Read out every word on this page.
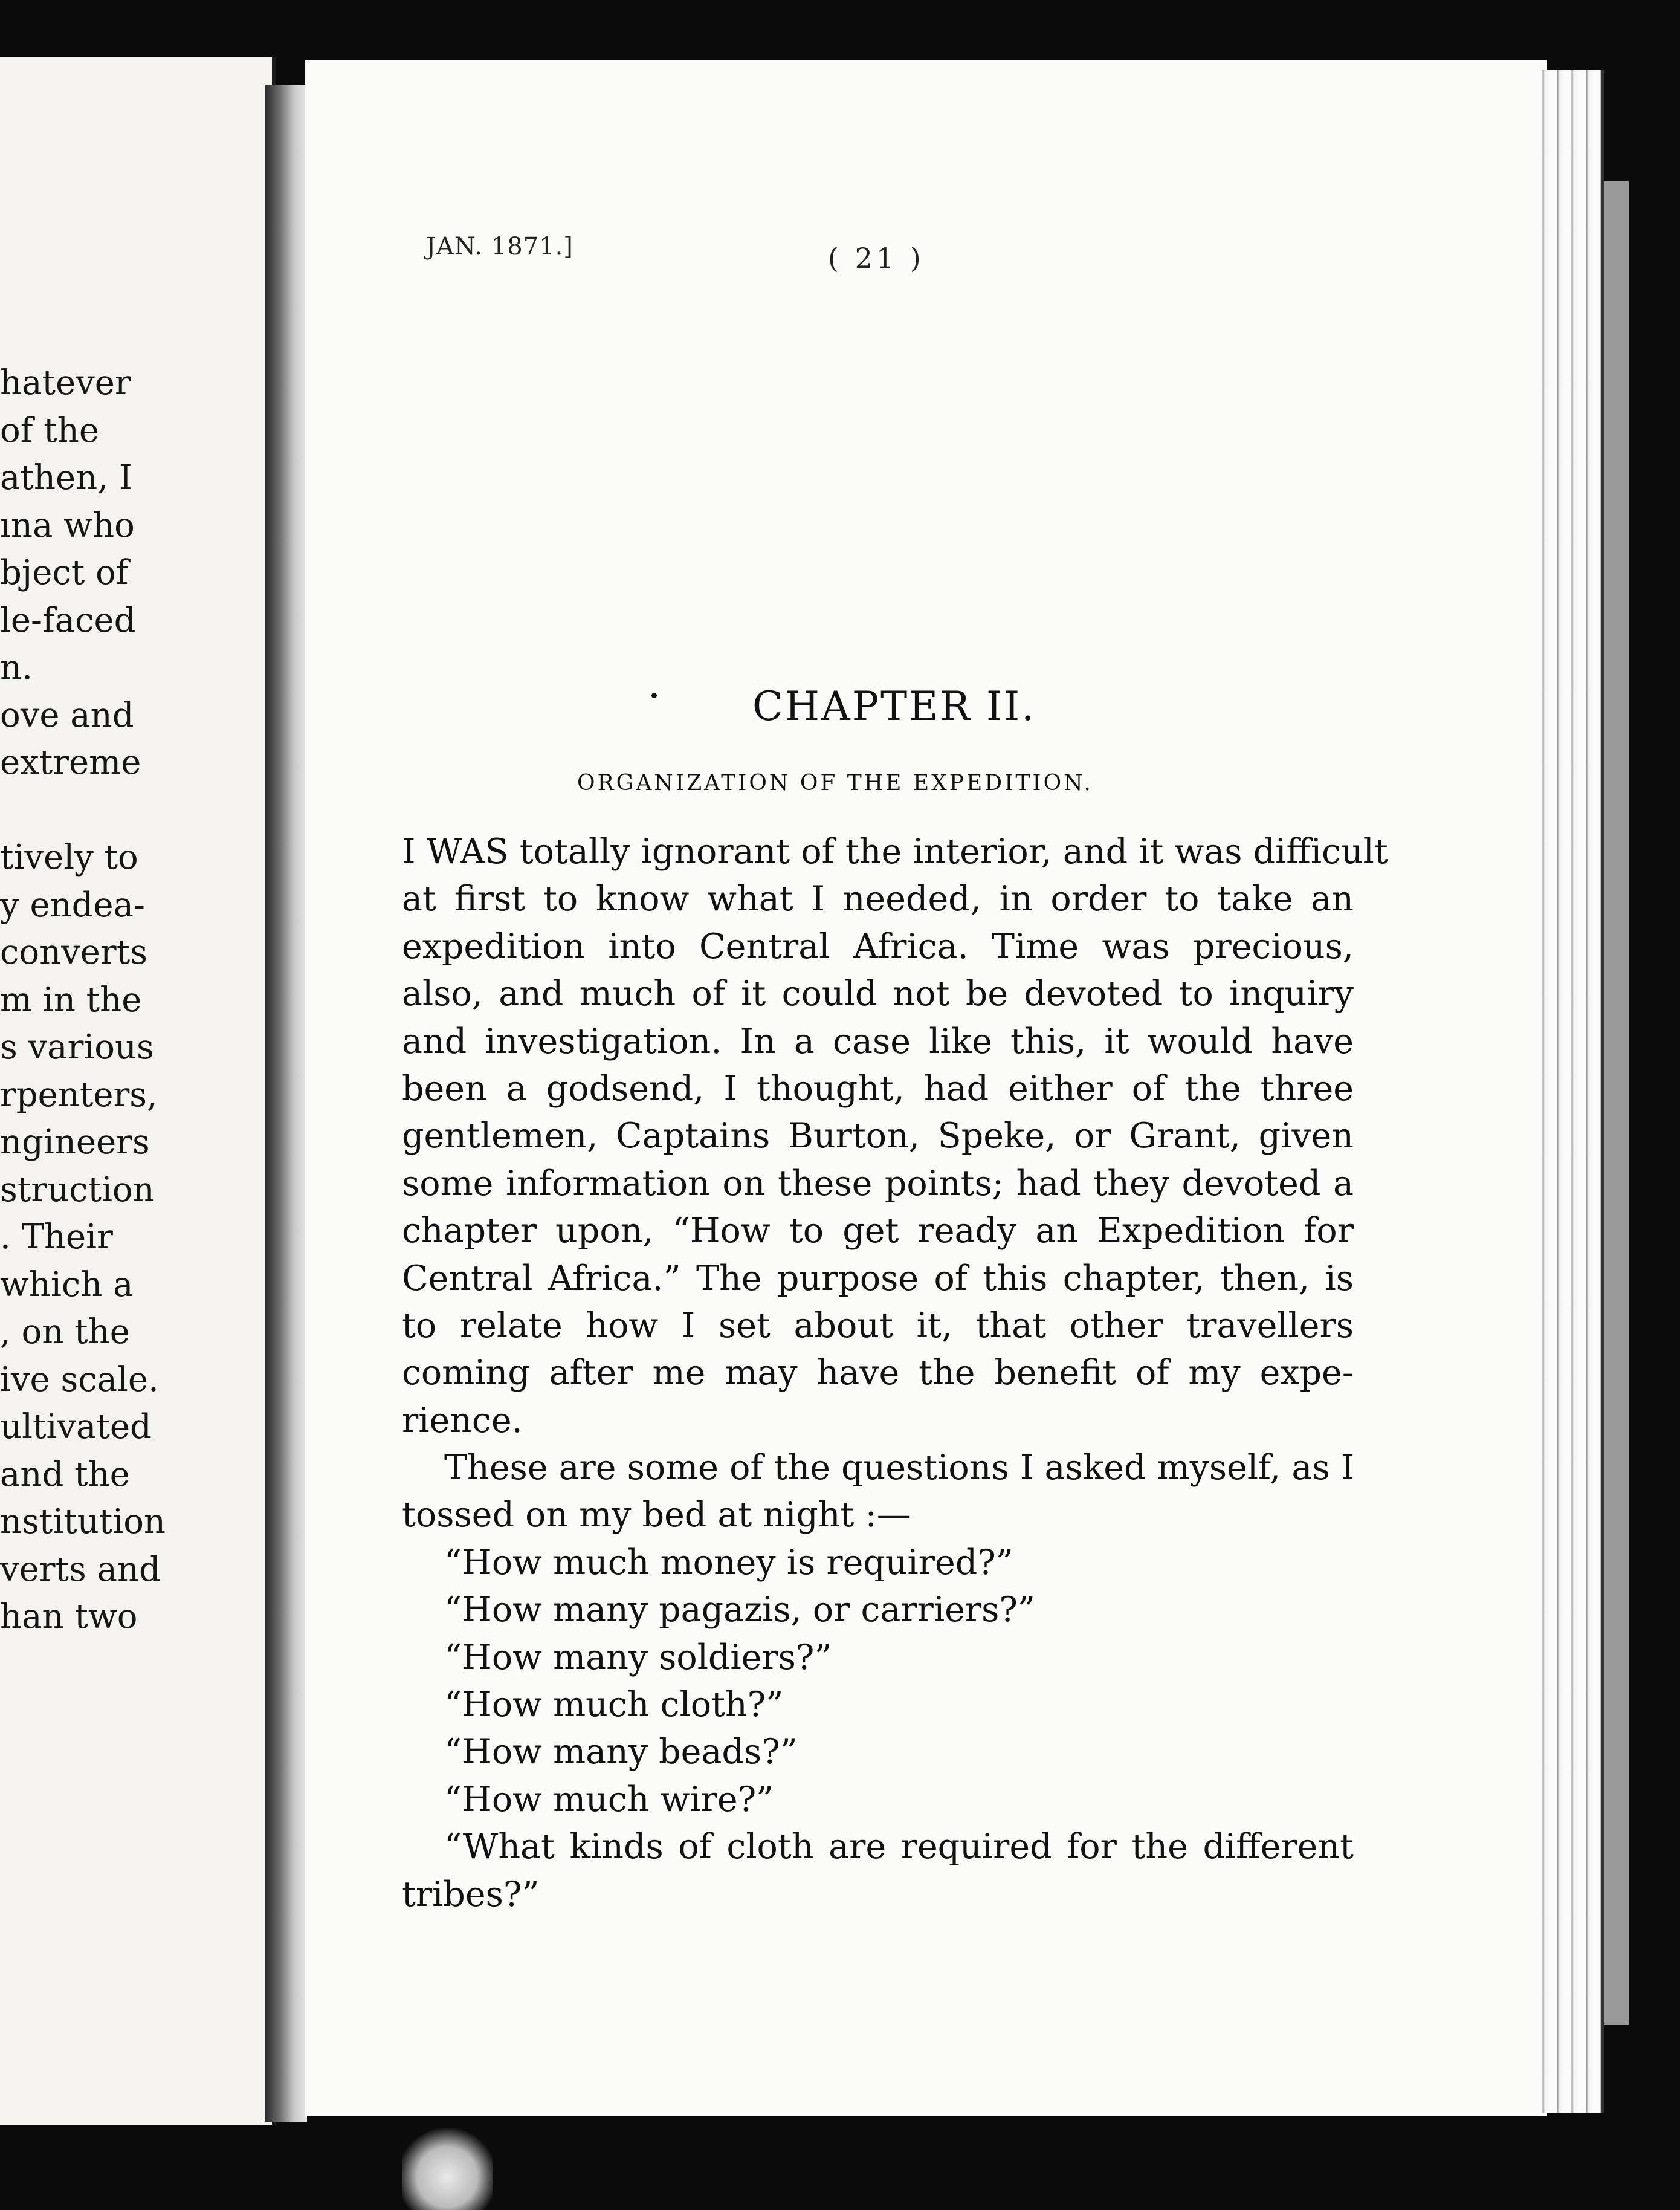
hatever
of the
athen, I
ına who
bject of
le-faced
n.
ove and
extreme
tively to
y endea-
converts
m in the
s various
rpenters,
ngineers
struction
. Their
which a
, on the
ive scale.
ultivated
and the
nstitution
verts and
han two
JAN. 1871.]	( 21 )
CHAPTER II.
ORGANIZATION OF THE EXPEDITION.
I WAS totally ignorant of the interior, and it was difficult
at first to know what I needed, in order to take an
expedition into Central Africa. Time was precious,
also, and much of it could not be devoted to inquiry
and investigation. In a case like this, it would have
been a godsend, I thought, had either of the three
gentlemen, Captains Burton, Speke, or Grant, given
some information on these points; had they devoted a
chapter upon, “How to get ready an Expedition for
Central Africa.” The purpose of this chapter, then, is
to relate how I set about it, that other travellers
coming after me may have the benefit of my expe-
rience.
These are some of the questions I asked myself, as I
tossed on my bed at night :—
“How much money is required?”
“How many pagazis, or carriers?”
“How many soldiers?”
“How much cloth?”
“How many beads?”
“How much wire?”
“What kinds of cloth are required for the different
tribes?”
